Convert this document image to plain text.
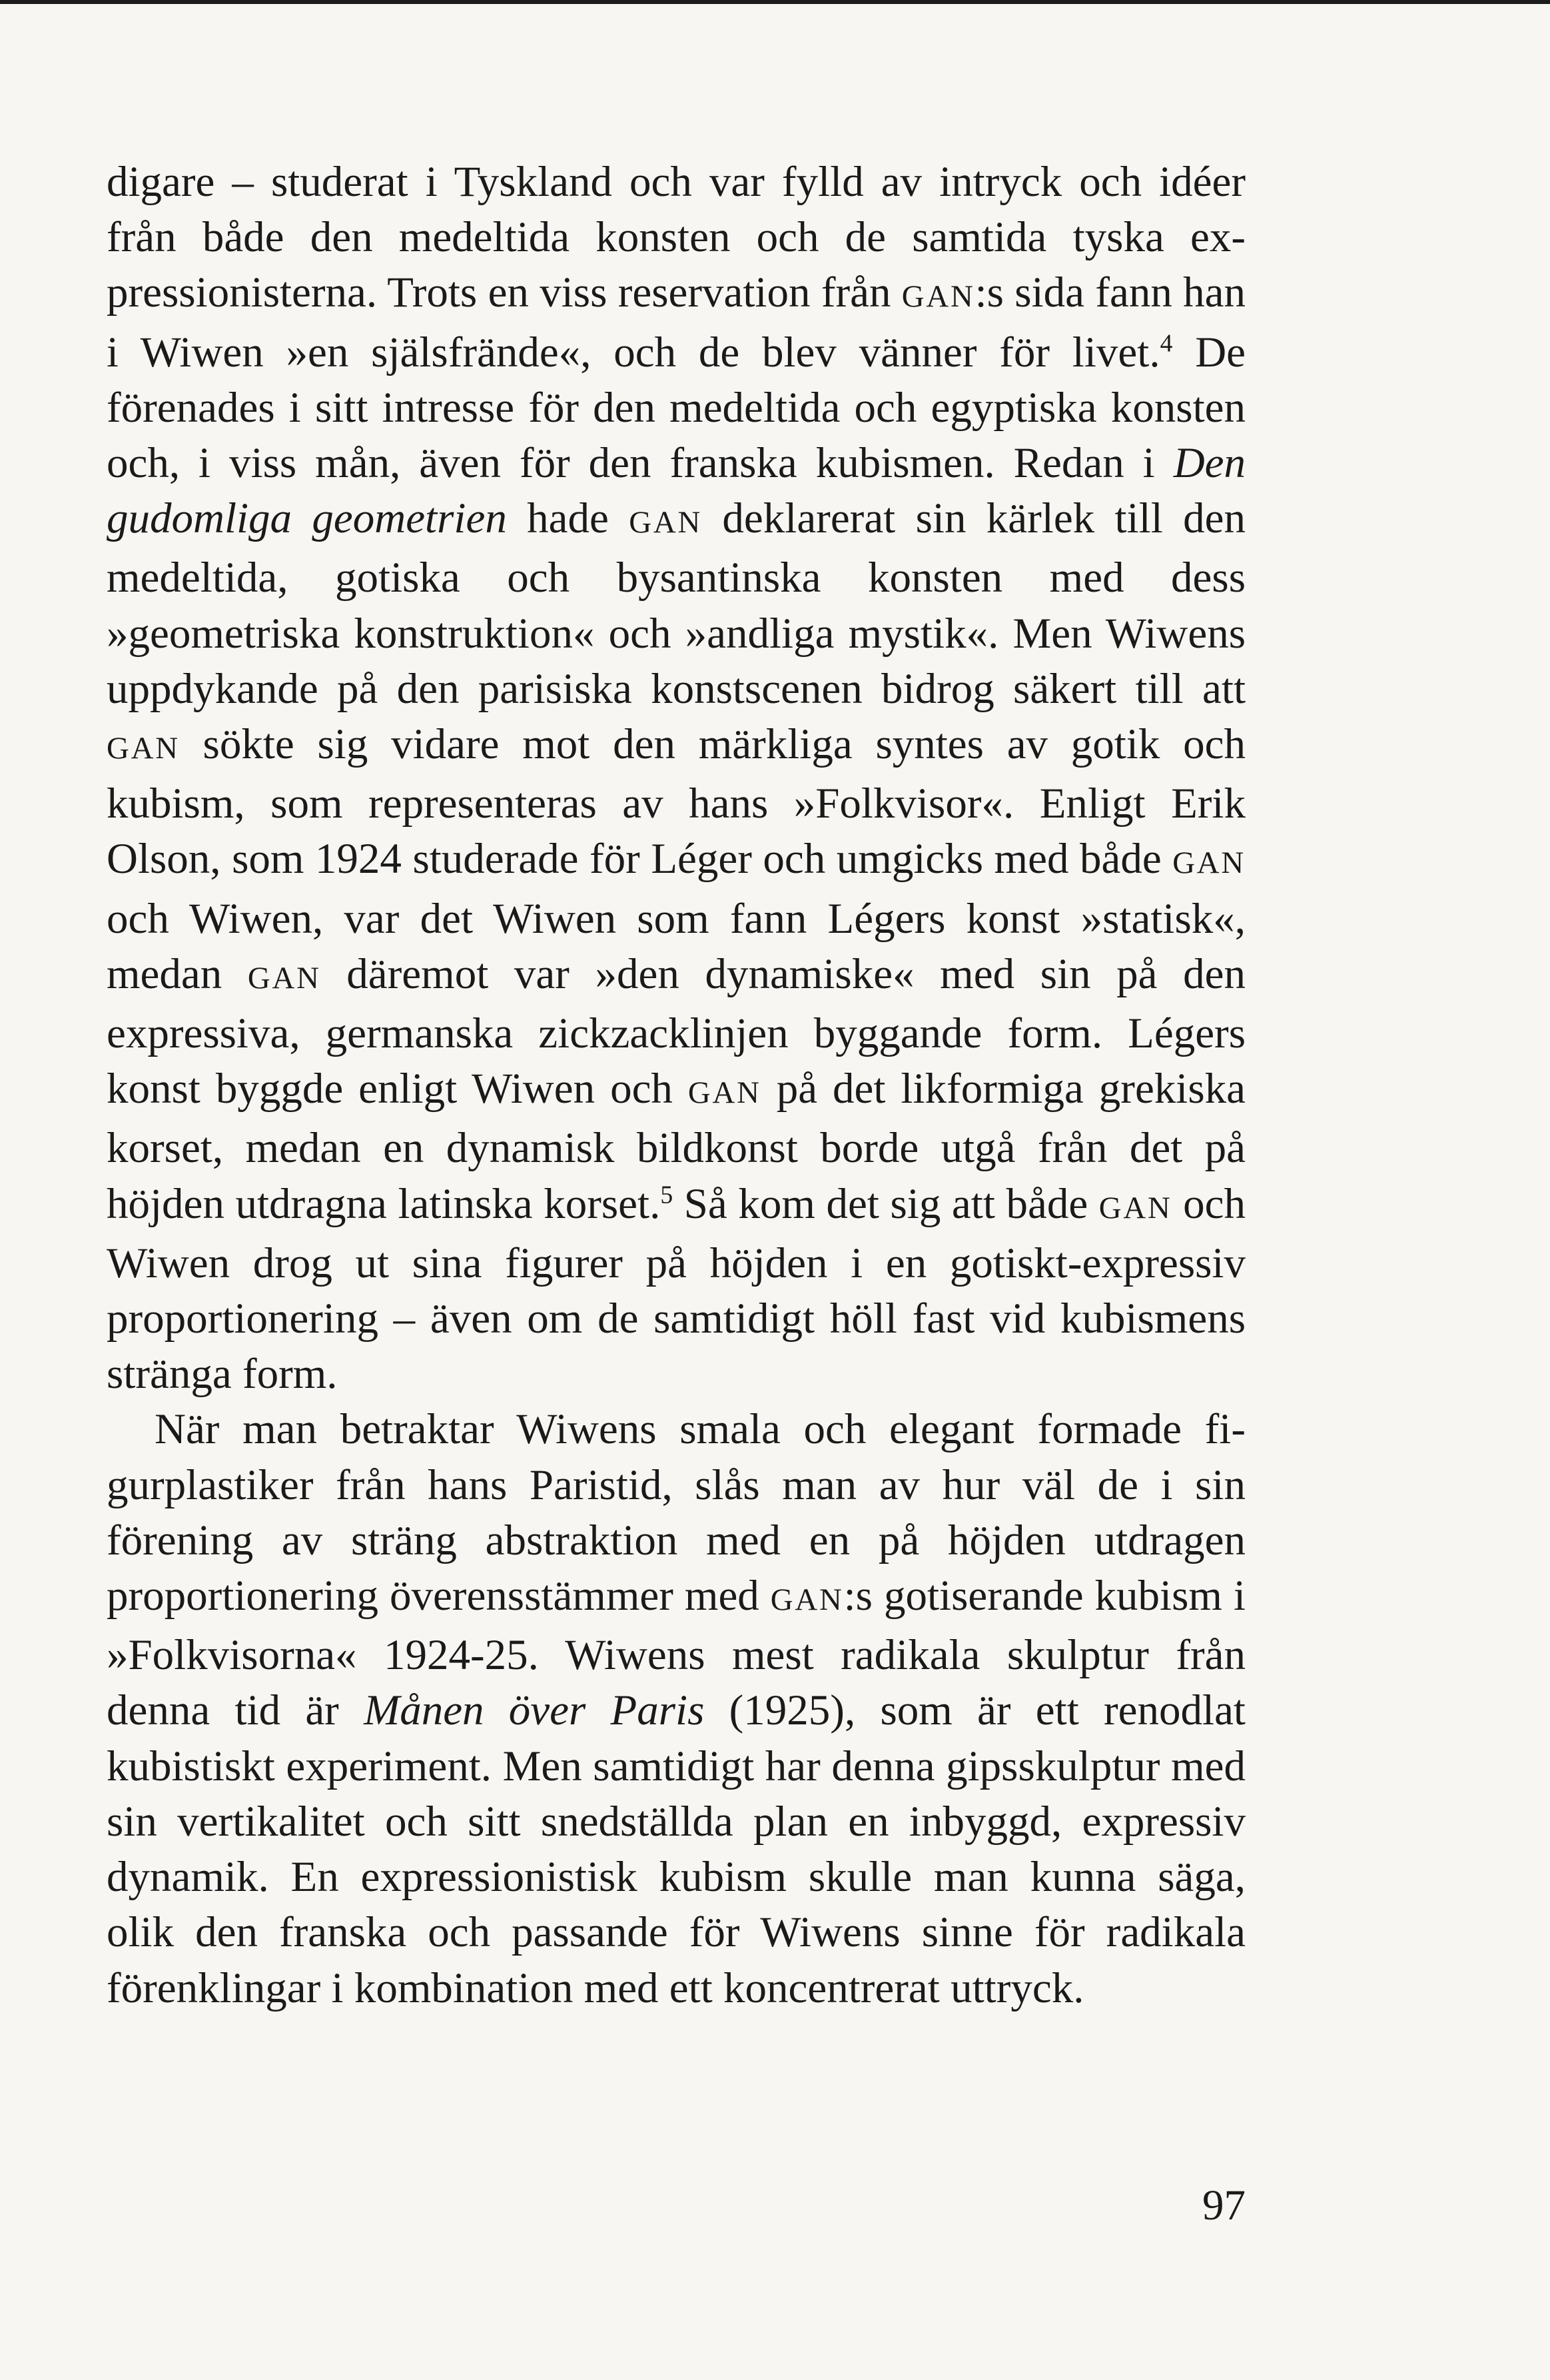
digare – studerat i Tyskland och var fylld av intryck och idéer från både den medeltida konsten och de samtida tyska expressionisterna. Trots en viss reservation från GAN:s sida fann han i Wiwen »en själsfrände«, och de blev vänner för livet.$^4$ De förenades i sitt intresse för den medeltida och egyptiska konsten och, i viss mån, även för den franska kubismen. Redan i Den gudomliga geometrien hade GAN deklarerat sin kärlek till den medeltida, gotiska och bysantinska konsten med dess »geometriska konstruktion« och »andliga mystik«. Men Wiwens uppdykande på den parisiska konstscenen bidrog säkert till att GAN sökte sig vidare mot den märkliga syntes av gotik och kubism, som representeras av hans »Folkvisor«. Enligt Erik Olson, som 1924 studerade för Léger och umgicks med både GAN och Wiwen, var det Wiwen som fann Légers konst »statisk«, medan GAN däremot var »den dynamiske« med sin på den expressiva, germanska zickzacklinjen byggande form. Légers konst byggde enligt Wiwen och GAN på det likformiga grekiska korset, medan en dynamisk bildkonst borde utgå från det på höjden utdragna latinska korset.$^5$ Så kom det sig att både GAN och Wiwen drog ut sina figurer på höjden i en gotiskt-expressiv proportionering – även om de samtidigt höll fast vid kubismens stränga form.

När man betraktar Wiwens smala och elegant formade figurplastiker från hans Paristid, slås man av hur väl de i sin förening av sträng abstraktion med en på höjden utdragen proportionering överensstämmer med GAN:s gotiserande kubism i »Folkvisorna« 1924-25. Wiwens mest radikala skulptur från denna tid är Månen över Paris (1925), som är ett renodlat kubistiskt experiment. Men samtidigt har denna gipsskulptur med sin vertikalitet och sitt snedställda plan en inbyggd, expressiv dynamik. En expressionistisk kubism skulle man kunna säga, olik den franska och passande för Wiwens sinne för radikala förenklingar i kombination med ett koncentrerat uttryck.

97
